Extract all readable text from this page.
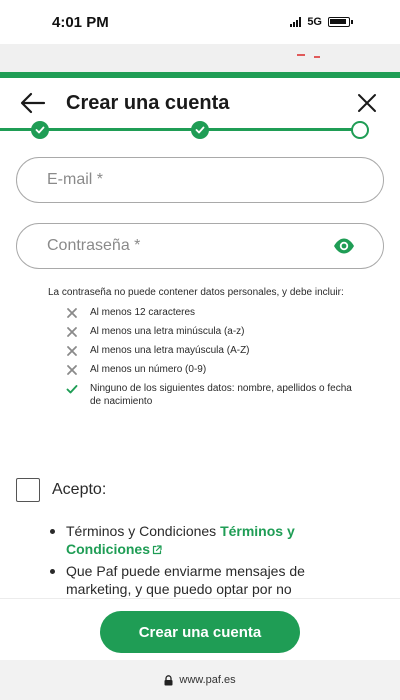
4:01 PM	5G
Crear una cuenta
E-mail *

La contraseña no puede contener datos personales, y debe incluir:

Al menos 12 caracteres
Al menos una letra minúscula (a-z)
Al menos una letra mayúscula (A-Z)
Al menos un número (0-9)
Ninguno de los siguientes datos: nombre, apellidos o fecha de nacimiento
Acepto:
Términos y Condiciones Términos y Condiciones
Que Paf puede enviarme mensajes de marketing, y que puedo optar por no
Crear una cuenta
www.paf.es
